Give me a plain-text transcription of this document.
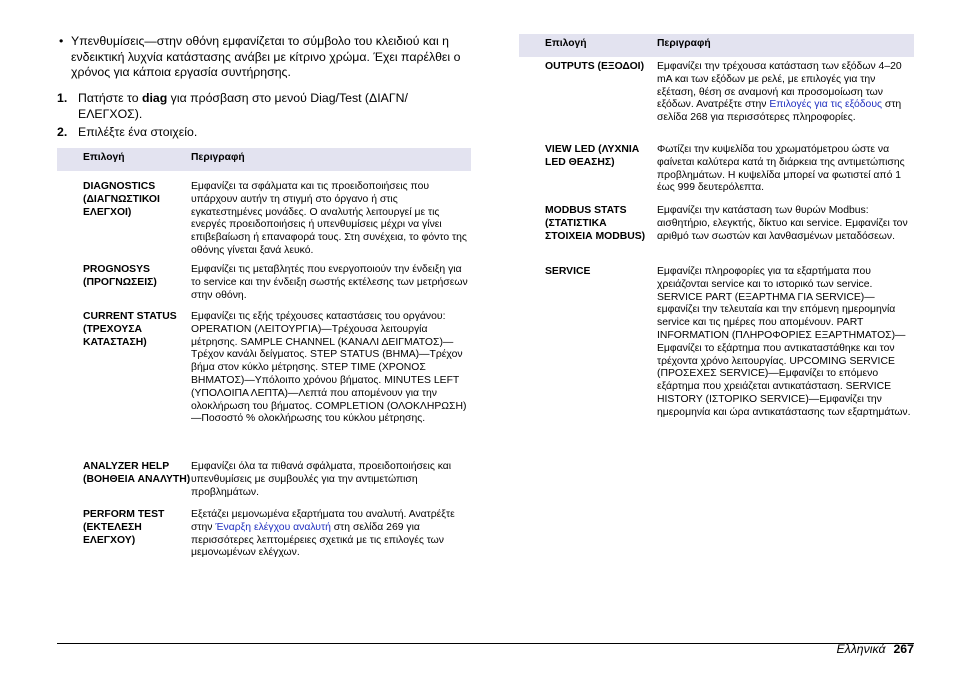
• Υπενθυμίσεις—στην οθόνη εμφανίζεται το σύμβολο του κλειδιού και η ενδεικτική λυχνία κατάστασης ανάβει με κίτρινο χρώμα. Έχει παρέλθει ο χρόνος για κάποια εργασία συντήρησης.
1. Πατήστε το diag για πρόσβαση στο μενού Diag/Test (ΔΙΑΓΝ/ΕΛΕΓΧΟΣ).
2. Επιλέξτε ένα στοιχείο.
Επιλογή	Περιγραφή
DIAGNOSTICS (ΔΙΑΓΝΩΣΤΙΚΟΙ ΕΛΕΓΧΟΙ)	Εμφανίζει τα σφάλματα και τις προειδοποιήσεις που υπάρχουν αυτήν τη στιγμή στο όργανο ή στις εγκατεστημένες μονάδες. Ο αναλυτής λειτουργεί με τις ενεργές προειδοποιήσεις ή υπενθυμίσεις μέχρι να γίνει επιβεβαίωση ή επαναφορά τους. Στη συνέχεια, το φόντο της οθόνης γίνεται ξανά λευκό.
PROGNOSYS (ΠΡΟΓΝΩΣΕΙΣ)	Εμφανίζει τις μεταβλητές που ενεργοποιούν την ένδειξη για το service και την ένδειξη σωστής εκτέλεσης των μετρήσεων στην οθόνη.
CURRENT STATUS (ΤΡΕΧΟΥΣΑ ΚΑΤΑΣΤΑΣΗ)	Εμφανίζει τις εξής τρέχουσες καταστάσεις του οργάνου: OPERATION (ΛΕΙΤΟΥΡΓΙΑ)—Τρέχουσα λειτουργία μέτρησης. SAMPLE CHANNEL (ΚΑΝΑΛΙ ΔΕΙΓΜΑΤΟΣ)—Τρέχον κανάλι δείγματος. STEP STATUS (ΒΗΜΑ)—Τρέχον βήμα στον κύκλο μέτρησης. STEP TIME (ΧΡΟΝΟΣ ΒΗΜΑΤΟΣ)—Υπόλοιπο χρόνου βήματος. MINUTES LEFT (ΥΠΟΛΟΙΠΑ ΛΕΠΤΑ)—Λεπτά που απομένουν για την ολοκλήρωση του βήματος. COMPLETION (ΟΛΟΚΛΗΡΩΣΗ)—Ποσοστό % ολοκλήρωσης του κύκλου μέτρησης.
ANALYZER HELP (ΒΟΗΘΕΙΑ ΑΝΑΛΥΤΗ)	Εμφανίζει όλα τα πιθανά σφάλματα, προειδοποιήσεις και υπενθυμίσεις με συμβουλές για την αντιμετώπιση προβλημάτων.
PERFORM TEST (ΕΚΤΕΛΕΣΗ ΕΛΕΓΧΟΥ)	Εξετάζει μεμονωμένα εξαρτήματα του αναλυτή. Ανατρέξτε στην Έναρξη ελέγχου αναλυτή στη σελίδα 269 για περισσότερες λεπτομέρειες σχετικά με τις επιλογές των μεμονωμένων ελέγχων.
Επιλογή	Περιγραφή
OUTPUTS (ΕΞΟΔΟΙ)	Εμφανίζει την τρέχουσα κατάσταση των εξόδων 4–20 mA και των εξόδων με ρελέ, με επιλογές για την εξέταση, θέση σε αναμονή και προσομοίωση των εξόδων. Ανατρέξτε στην Επιλογές για τις εξόδους στη σελίδα 268 για περισσότερες πληροφορίες.
VIEW LED (ΛΥΧΝΙΑ LED ΘΕΑΣΗΣ)	Φωτίζει την κυψελίδα του χρωματόμετρου ώστε να φαίνεται καλύτερα κατά τη διάρκεια της αντιμετώπισης προβλημάτων. Η κυψελίδα μπορεί να φωτιστεί από 1 έως 999 δευτερόλεπτα.
MODBUS STATS (ΣΤΑΤΙΣΤΙΚΑ ΣΤΟΙΧΕΙΑ MODBUS)	Εμφανίζει την κατάσταση των θυρών Modbus: αισθητήριο, ελεγκτής, δίκτυο και service. Εμφανίζει τον αριθμό των σωστών και λανθασμένων μεταδόσεων.
SERVICE	Εμφανίζει πληροφορίες για τα εξαρτήματα που χρειάζονται service και το ιστορικό των service. SERVICE PART (ΕΞΑΡΤΗΜΑ ΓΙΑ SERVICE)—εμφανίζει την τελευταία και την επόμενη ημερομηνία service και τις ημέρες που απομένουν. PART INFORMATION (ΠΛΗΡΟΦΟΡΙΕΣ ΕΞΑΡΤΗΜΑΤΟΣ)—Εμφανίζει το εξάρτημα που αντικαταστάθηκε και τον τρέχοντα χρόνο λειτουργίας. UPCOMING SERVICE (ΠΡΟΣΕΧΕΣ SERVICE)—Εμφανίζει το επόμενο εξάρτημα που χρειάζεται αντικατάσταση. SERVICE HISTORY (ΙΣΤΟΡΙΚΟ SERVICE)—Εμφανίζει την ημερομηνία και ώρα αντικατάστασης των εξαρτημάτων.
Ελληνικά 267
